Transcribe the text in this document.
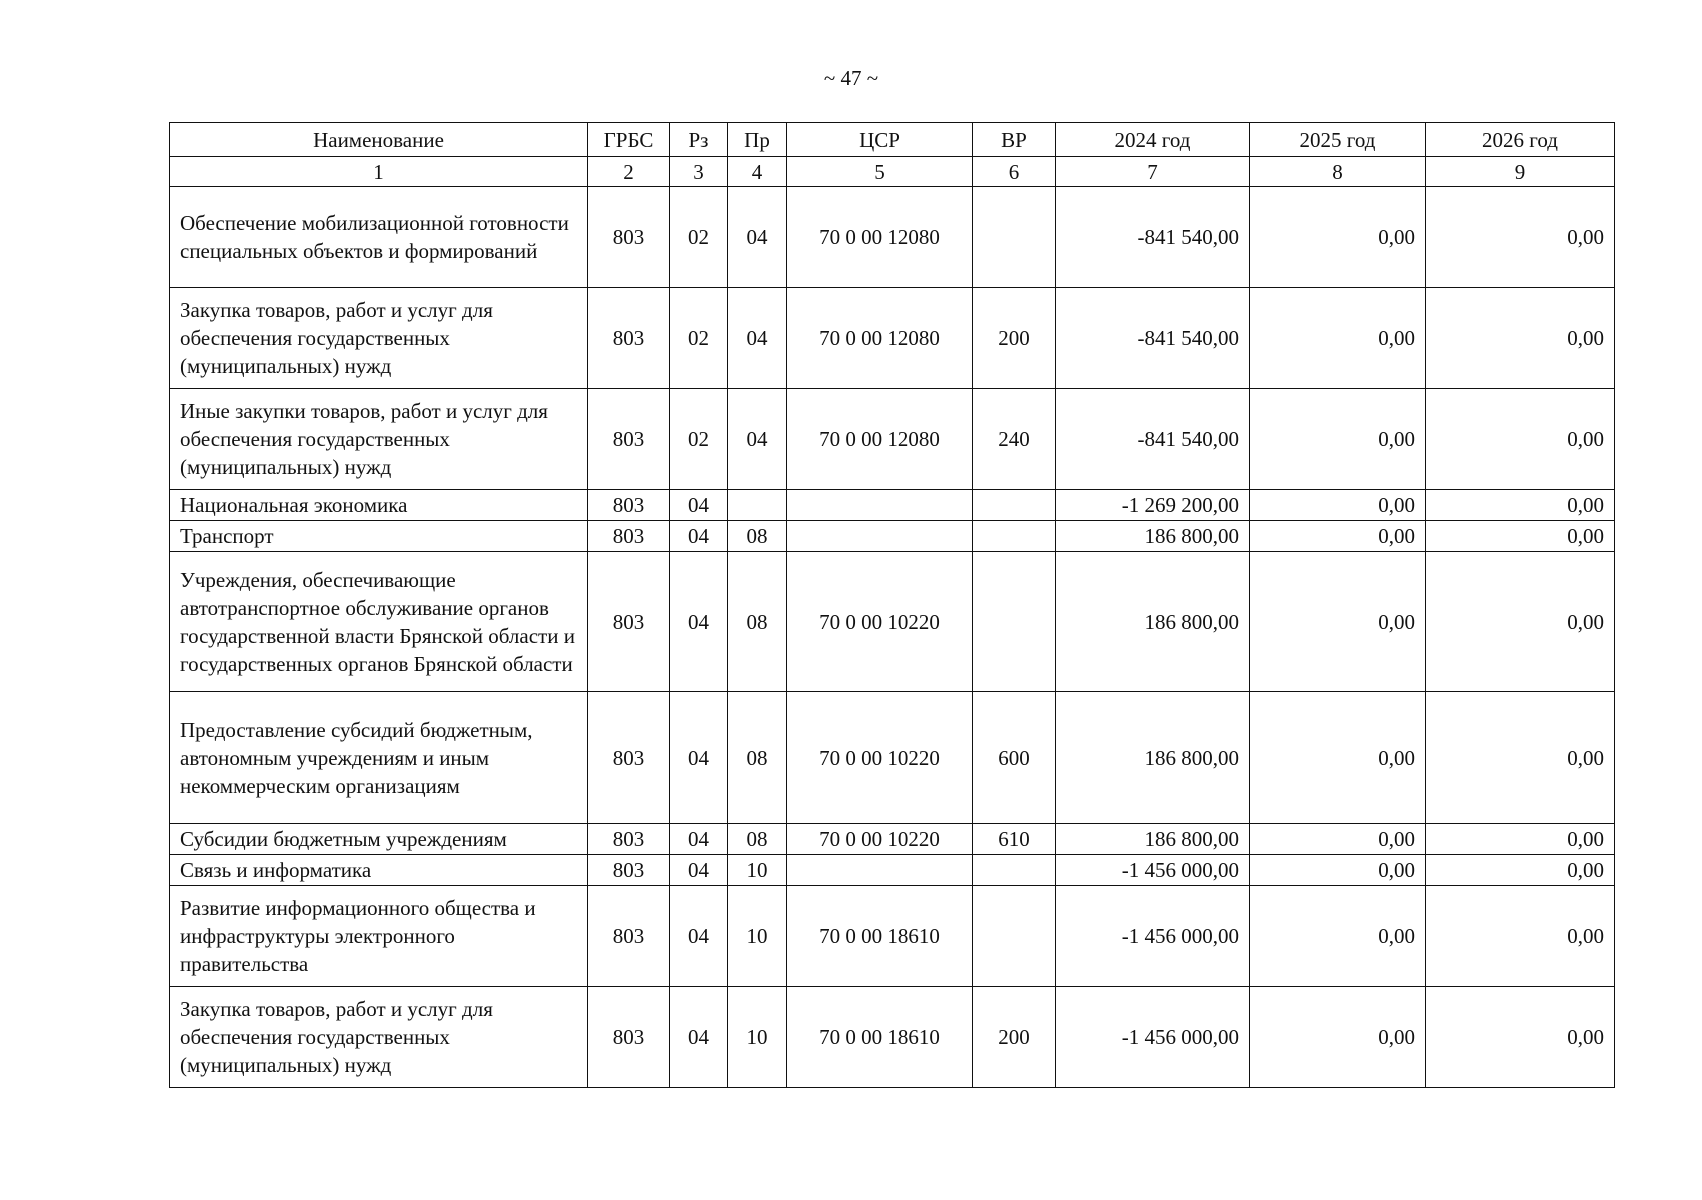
~ 47 ~
Наименование	ГРБС	Рз	Пр	ЦСР	ВР	2024 год	2025 год	2026 год
1	2	3	4	5	6	7	8	9
Обеспечение мобилизационной готовности специальных объектов и формирований	803	02	04	70 0 00 12080		-841 540,00	0,00	0,00
Закупка товаров, работ и услуг для обеспечения государственных (муниципальных) нужд	803	02	04	70 0 00 12080	200	-841 540,00	0,00	0,00
Иные закупки товаров, работ и услуг для обеспечения государственных (муниципальных) нужд	803	02	04	70 0 00 12080	240	-841 540,00	0,00	0,00
Национальная экономика	803	04				-1 269 200,00	0,00	0,00
Транспорт	803	04	08			186 800,00	0,00	0,00
Учреждения, обеспечивающие автотранспортное обслуживание органов государственной власти Брянской области и государственных органов Брянской области	803	04	08	70 0 00 10220		186 800,00	0,00	0,00
Предоставление субсидий бюджетным, автономным учреждениям и иным некоммерческим организациям	803	04	08	70 0 00 10220	600	186 800,00	0,00	0,00
Субсидии бюджетным учреждениям	803	04	08	70 0 00 10220	610	186 800,00	0,00	0,00
Связь и информатика	803	04	10			-1 456 000,00	0,00	0,00
Развитие информационного общества и инфраструктуры электронного правительства	803	04	10	70 0 00 18610		-1 456 000,00	0,00	0,00
Закупка товаров, работ и услуг для обеспечения государственных (муниципальных) нужд	803	04	10	70 0 00 18610	200	-1 456 000,00	0,00	0,00
